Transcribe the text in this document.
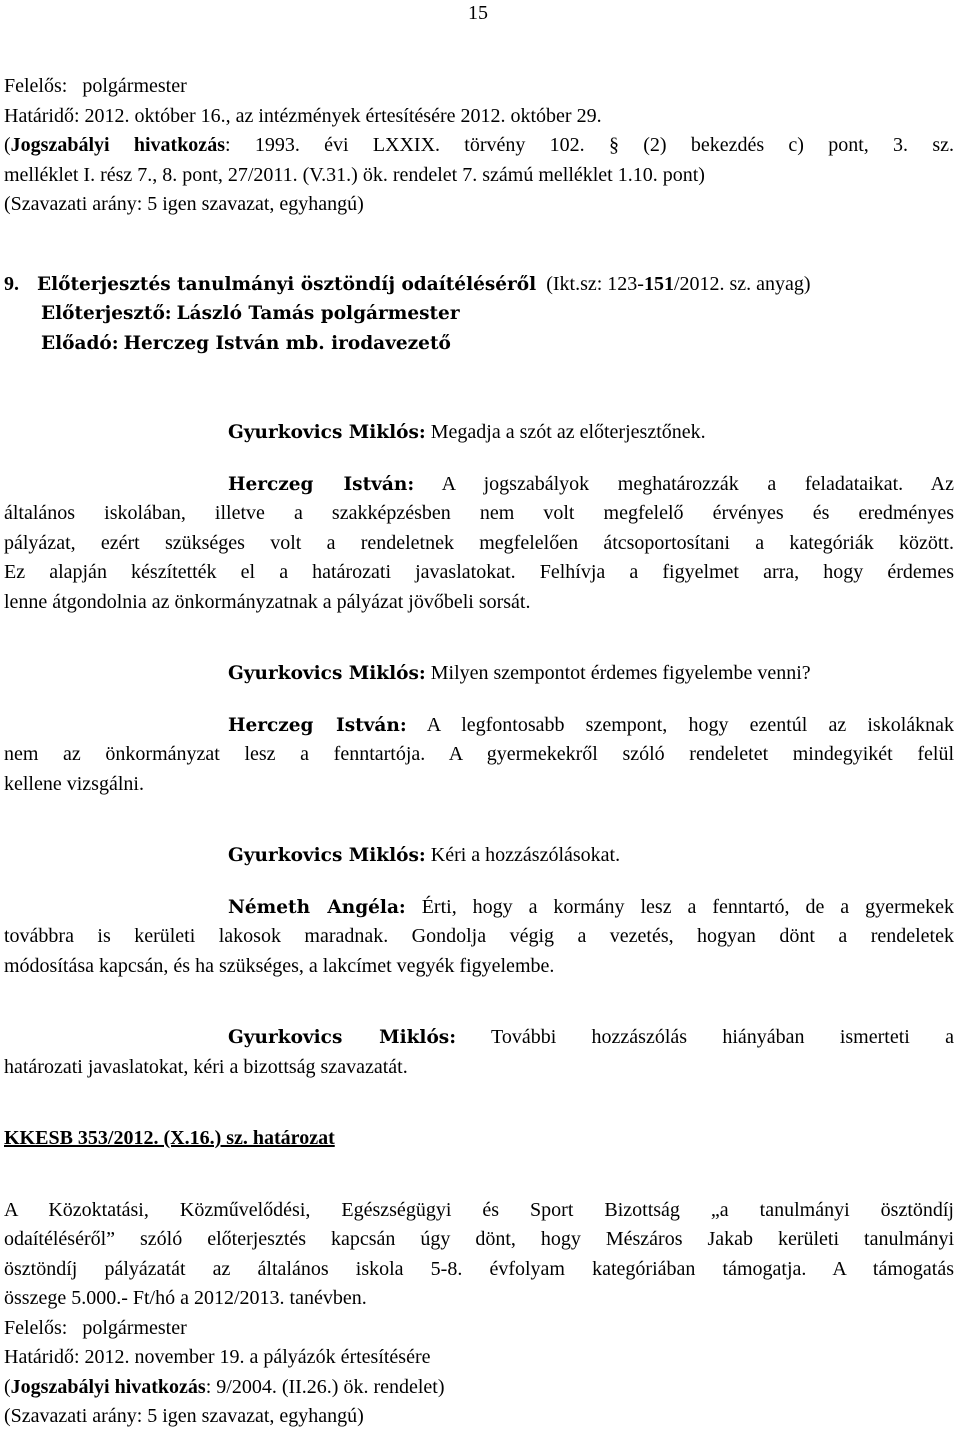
15

Felelős: polgármester

Határidő: 2012. október 16., az intézmények értesítésére 2012. október 29.

(Jogszabályi hivatkozás: 1993. évi LXXIX. törvény 102. § (2) bekezdés c) pont, 3. sz.

melléklet I. rész 7., 8. pont, 27/2011. (V.31.) ök. rendelet 7. számú melléklet 1.10. pont)

(Szavazati arány: 5 igen szavazat, egyhangú)

9. Előterjesztés tanulmányi ösztöndíj odaítéléséről (Ikt.sz: 123-151/2012. sz. anyag)

Előterjesztő: László Tamás polgármester

Előadó: Herczeg István mb. irodavezető

Gyurkovics Miklós: Megadja a szót az előterjesztőnek.

Herczeg István: A jogszabályok meghatározzák a feladataikat. Az

általános iskolában, illetve a szakképzésben nem volt megfelelő érvényes és eredményes

pályázat, ezért szükséges volt a rendeletnek megfelelően átcsoportosítani a kategóriák között.

Ez alapján készítették el a határozati javaslatokat. Felhívja a figyelmet arra, hogy érdemes

lenne átgondolnia az önkormányzatnak a pályázat jövőbeli sorsát.

Gyurkovics Miklós: Milyen szempontot érdemes figyelembe venni?

Herczeg István: A legfontosabb szempont, hogy ezentúl az iskoláknak

nem az önkormányzat lesz a fenntartója. A gyermekekről szóló rendeletet mindegyikét felül

kellene vizsgálni.

Gyurkovics Miklós: Kéri a hozzászólásokat.

Németh Angéla: Érti, hogy a kormány lesz a fenntartó, de a gyermekek

továbbra is kerületi lakosok maradnak. Gondolja végig a vezetés, hogyan dönt a rendeletek

módosítása kapcsán, és ha szükséges, a lakcímet vegyék figyelembe.

Gyurkovics Miklós: További hozzászólás hiányában ismerteti a

határozati javaslatokat, kéri a bizottság szavazatát.

KKESB 353/2012. (X.16.) sz. határozat

A Közoktatási, Közművelődési, Egészségügyi és Sport Bizottság „a tanulmányi ösztöndíj

odaítéléséről” szóló előterjesztés kapcsán úgy dönt, hogy Mészáros Jakab kerületi tanulmányi

ösztöndíj pályázatát az általános iskola 5-8. évfolyam kategóriában támogatja. A támogatás

összege 5.000.- Ft/hó a 2012/2013. tanévben.

Felelős: polgármester

Határidő: 2012. november 19. a pályázók értesítésére

(Jogszabályi hivatkozás: 9/2004. (II.26.) ök. rendelet)

(Szavazati arány: 5 igen szavazat, egyhangú)
